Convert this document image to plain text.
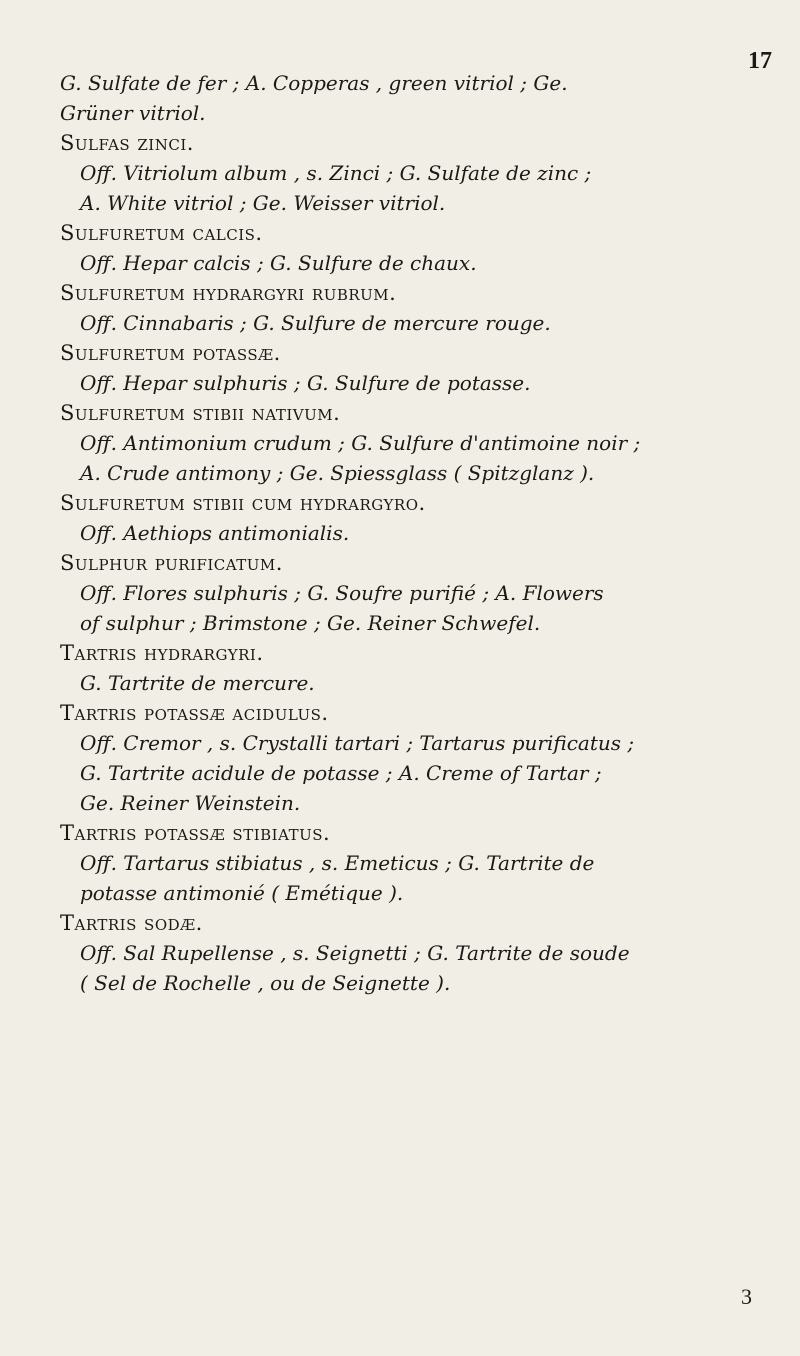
17
G. Sulfate de fer ; A. Copperas , green vitriol ; Ge.
Grüner vitriol.
Sulfas zinci.
Off. Vitriolum album , s. Zinci ; G. Sulfate de zinc ;
A. White vitriol ; Ge. Weisser vitriol.
Sulfuretum calcis.
Off. Hepar calcis ; G. Sulfure de chaux.
Sulfuretum hydrargyri rubrum.
Off. Cinnabaris ; G. Sulfure de mercure rouge.
Sulfuretum potassæ.
Off. Hepar sulphuris ; G. Sulfure de potasse.
Sulfuretum stibii nativum.
Off. Antimonium crudum ; G. Sulfure d'antimoine noir ;
A. Crude antimony ; Ge. Spiessglass ( Spitzglanz ).
Sulfuretum stibii cum hydrargyro.
Off. Aethiops antimonialis.
Sulphur purificatum.
Off. Flores sulphuris ; G. Soufre purifié ; A. Flowers
of sulphur ; Brimstone ; Ge. Reiner Schwefel.
Tartris hydrargyri.
G. Tartrite de mercure.
Tartris potassæ acidulus.
Off. Cremor , s. Crystalli tartari ; Tartarus purificatus ;
G. Tartrite acidule de potasse ; A. Creme of Tartar ;
Ge. Reiner Weinstein.
Tartris potassæ stibiatus.
Off. Tartarus stibiatus , s. Emeticus ; G. Tartrite de
potasse antimonié ( Emétique ).
Tartris sodæ.
Off. Sal Rupellense , s. Seignetti ; G. Tartrite de soude
( Sel de Rochelle , ou de Seignette ).
3
